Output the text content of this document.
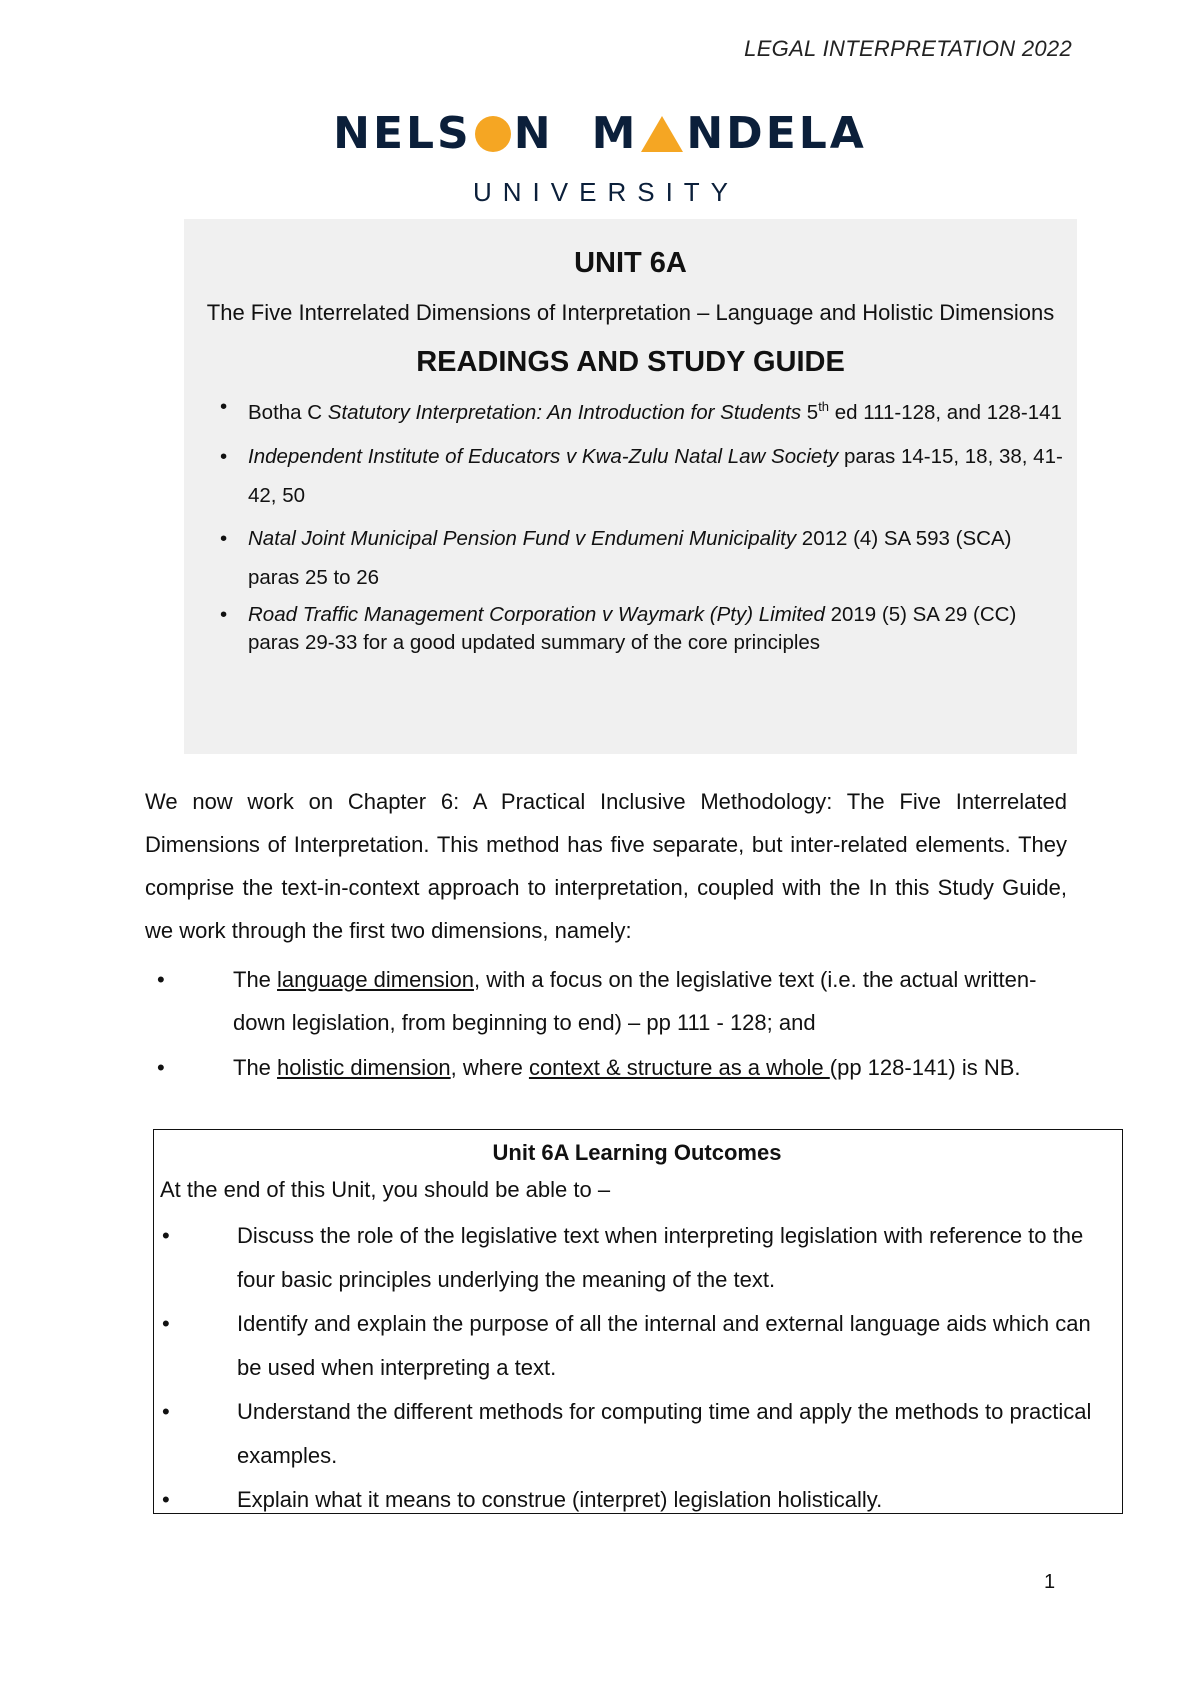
LEGAL INTERPRETATION 2022
NELS N M NDELA
UNIVERSITY
UNIT 6A
The Five Interrelated Dimensions of Interpretation – Language and Holistic Dimensions
READINGS AND STUDY GUIDE
• Botha C Statutory Interpretation: An Introduction for Students 5th ed 111-128, and 128-141
• Independent Institute of Educators v Kwa-Zulu Natal Law Society paras 14-15, 18, 38, 41-42, 50
• Natal Joint Municipal Pension Fund v Endumeni Municipality 2012 (4) SA 593 (SCA) paras 25 to 26
• Road Traffic Management Corporation v Waymark (Pty) Limited 2019 (5) SA 29 (CC) paras 29-33 for a good updated summary of the core principles

We now work on Chapter 6: A Practical Inclusive Methodology: The Five Interrelated Dimensions of Interpretation. This method has five separate, but inter-related elements. They comprise the text-in-context approach to interpretation, coupled with the In this Study Guide, we work through the first two dimensions, namely:

• The language dimension, with a focus on the legislative text (i.e. the actual written-down legislation, from beginning to end) – pp 111 - 128; and
• The holistic dimension, where context & structure as a whole (pp 128-141) is NB.
Unit 6A Learning Outcomes
At the end of this Unit, you should be able to –
• Discuss the role of the legislative text when interpreting legislation with reference to the four basic principles underlying the meaning of the text.
• Identify and explain the purpose of all the internal and external language aids which can be used when interpreting a text.
• Understand the different methods for computing time and apply the methods to practical examples.
• Explain what it means to construe (interpret) legislation holistically.
1
